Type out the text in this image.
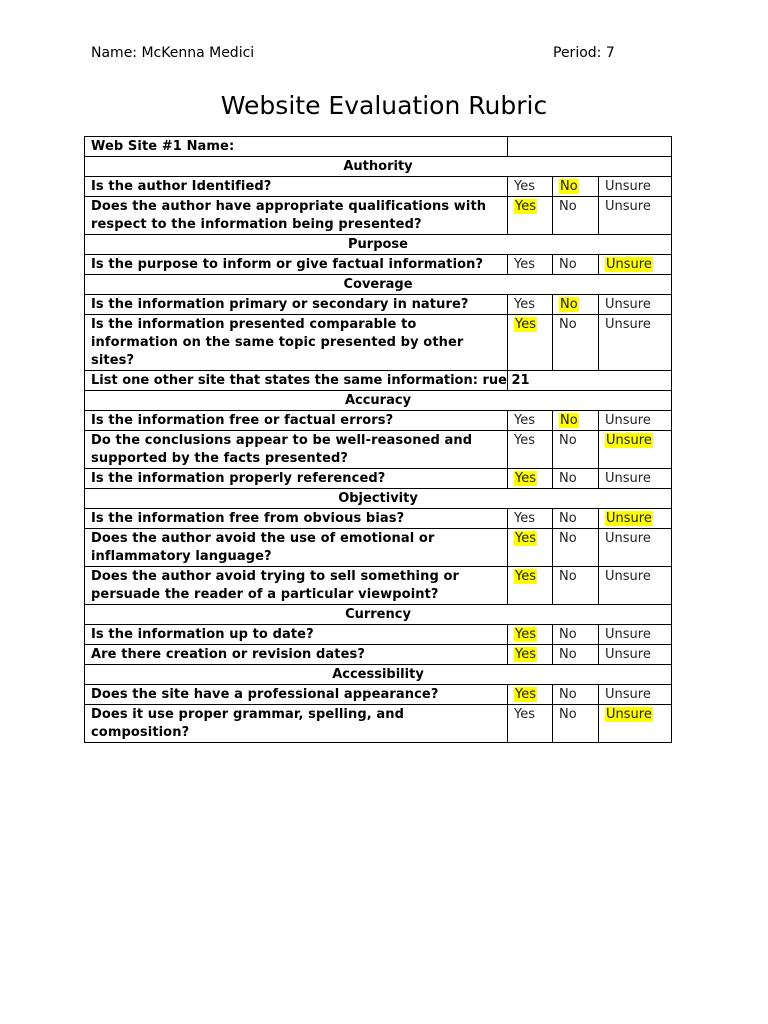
Name: McKenna Medici	Period: 7
Website Evaluation Rubric
Web Site #1 Name:			
Authority			
Is the author Identified?	Yes	No	Unsure
Does the author have appropriate qualifications with respect to the information being presented?	Yes	No	Unsure
Purpose			
Is the purpose to inform or give factual information?	Yes	No	Unsure
Coverage			
Is the information primary or secondary in nature?	Yes	No	Unsure
Is the information presented comparable to information on the same topic presented by other sites?	Yes	No	Unsure
List one other site that states the same information: rue 21			
Accuracy			
Is the information free or factual errors?	Yes	No	Unsure
Do the conclusions appear to be well-reasoned and supported by the facts presented?	Yes	No	Unsure
Is the information properly referenced?	Yes	No	Unsure
Objectivity			
Is the information free from obvious bias?	Yes	No	Unsure
Does the author avoid the use of emotional or inflammatory language?	Yes	No	Unsure
Does the author avoid trying to sell something or persuade the reader of a particular viewpoint?	Yes	No	Unsure
Currency			
Is the information up to date?	Yes	No	Unsure
Are there creation or revision dates?	Yes	No	Unsure
Accessibility			
Does the site have a professional appearance?	Yes	No	Unsure
Does it use proper grammar, spelling, and composition?	Yes	No	Unsure
